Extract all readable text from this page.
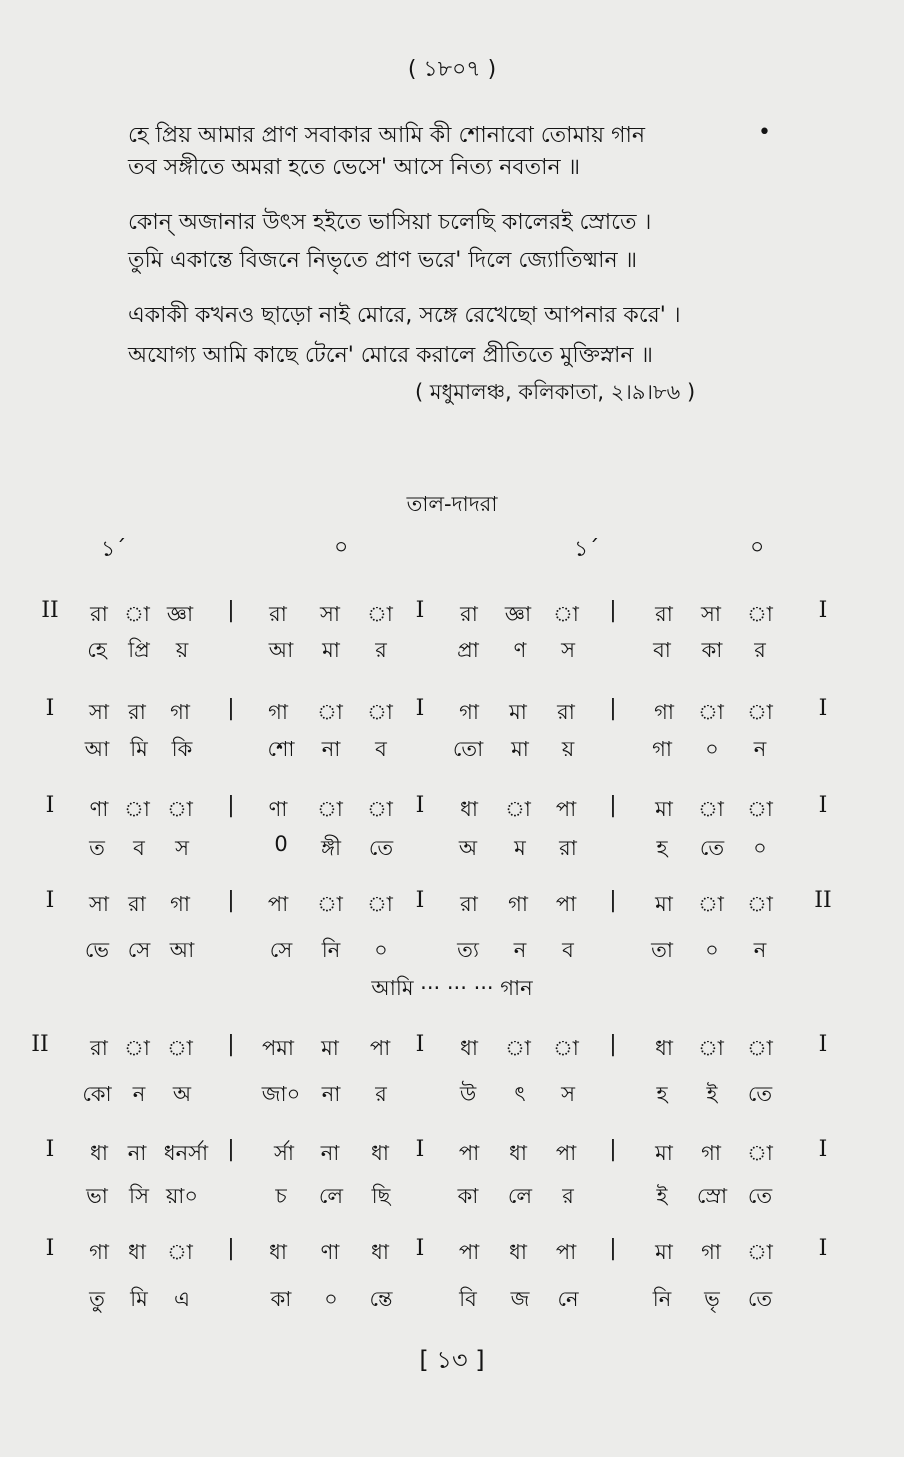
( ১৮০৭ )
হে প্রিয় আমার প্রাণ সবাকার আমি কী শোনাবো তোমায় গান
তব সঙ্গীতে অমরা হতে ভেসে' আসে নিত্য নবতান ॥
কোন্ অজানার উৎস হইতে ভাসিয়া চলেছি কালেরই স্রোতে ।
তুমি একান্তে বিজনে নিভৃতে প্রাণ ভরে' দিলে জ্যোতিষ্মান ॥
একাকী কখনও ছাড়ো নাই মোরে, সঙ্গে রেখেছো আপনার করে' ।
অযোগ্য আমি কাছে টেনে' মোরে করালে প্রীতিতে মুক্তিস্নান ॥
•
( মধুমালঞ্চ, কলিকাতা, ২।৯।৮৬ )
তাল-দাদরা
১´	০	১´	০
II রা া জ্ঞা | রা সা া I রা জ্ঞা া | রা সা া I
হে প্রি য়	আ মা র	প্রা ণ স	বা কা র
I সা রা গা | গা া া I গা মা রা | গা া া I
আ মি কি	শো না ব	তো মা য়	গা ০ ন
I ণা া া | ণা া া I ধা া পা | মা া া I
ত ব স	0 ঙ্গী তে	অ ম রা	হ তে ০
I সা রা গা | পা া া I রা গা পা | মা া া II
ভে সে আ	সে নি ০	ত্য ন ব	তা ০ ন
II রা া া | পমা মা পা I ধা া া | ধা া া I
কো ন অ	জা০ না র	উ ৎ স	হ ই তে
I ধা না ধনর্সা | র্সা না ধা I পা ধা পা | মা গা া I
ভা সি য়া০	চ লে ছি	কা লে র	ই স্রো তে
I গা ধা া | ধা ণা ধা I পা ধা পা | মা গা া I
তু মি এ	কা ০ ন্তে	বি জ নে	নি ভৃ তে
আমি ··· ··· ··· গান
[ ১৩ ]
